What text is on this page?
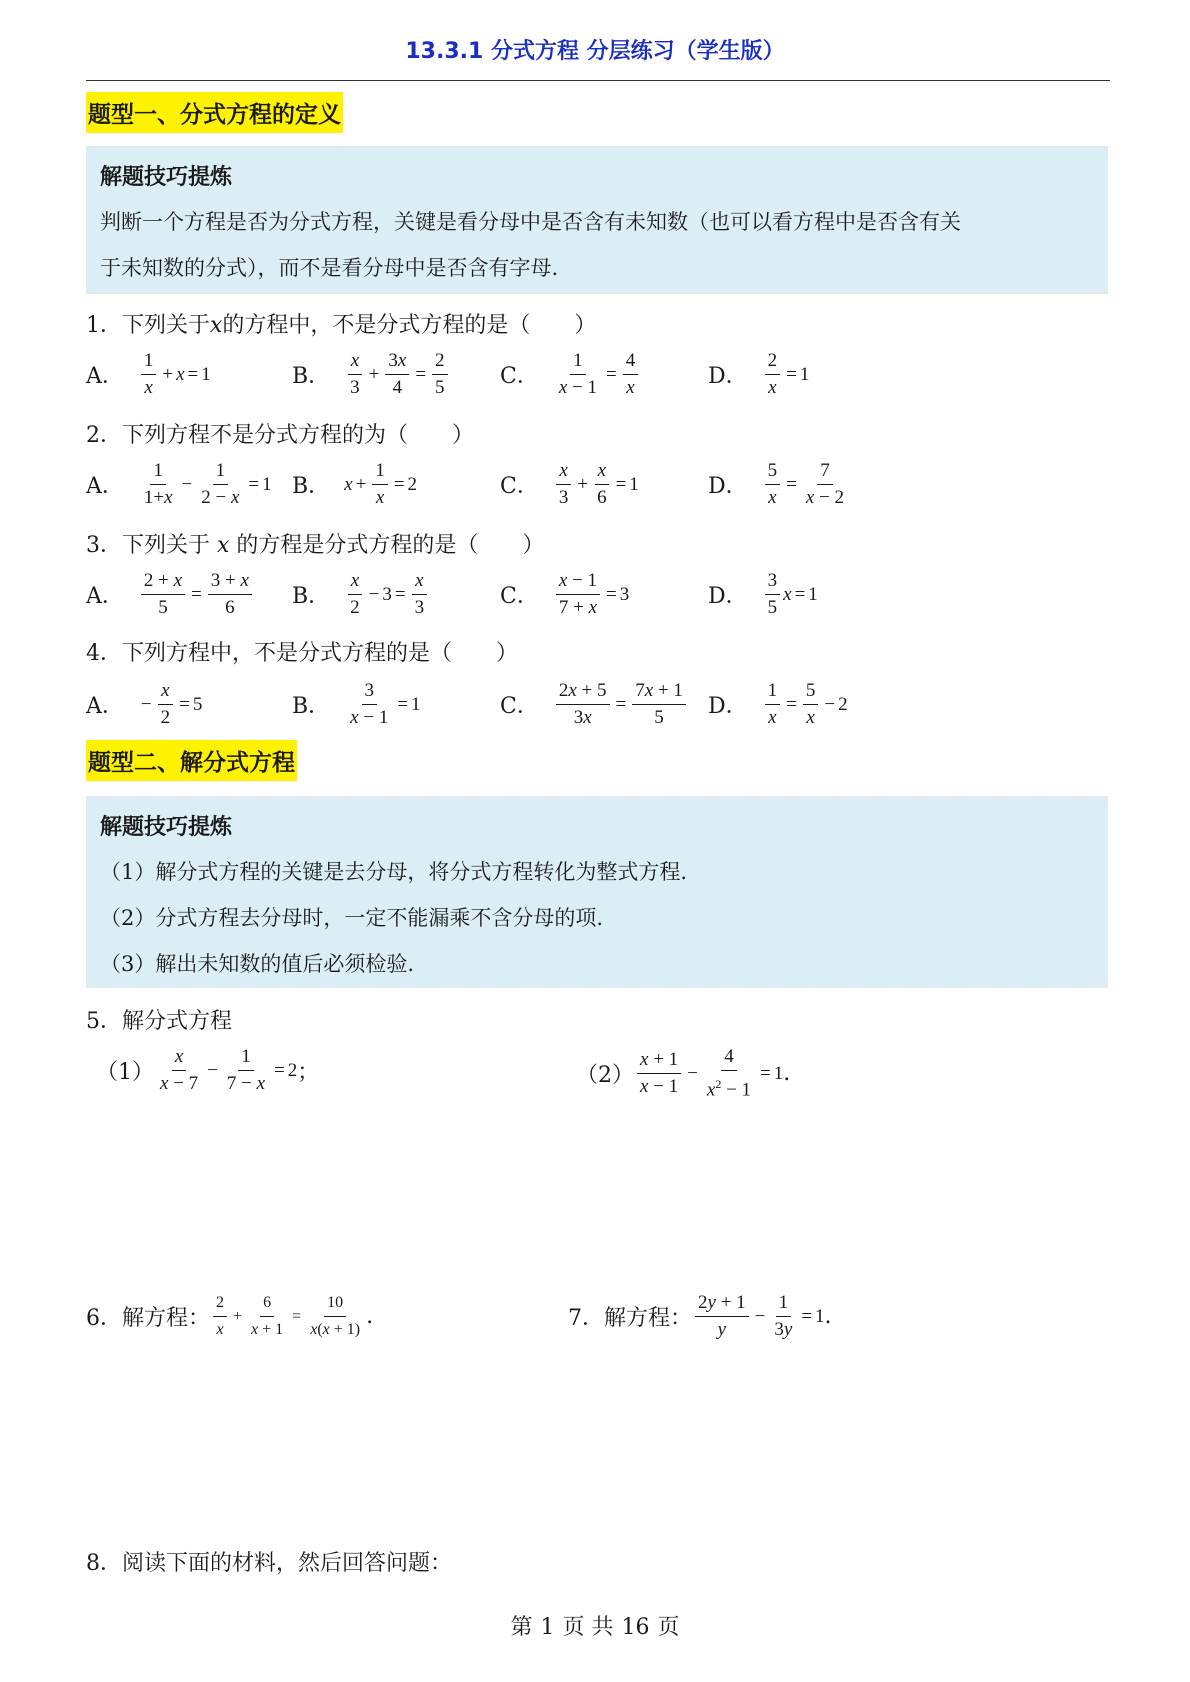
13.3.1 分式方程 分层练习（学生版）
题型一、分式方程的定义
解题技巧提炼
判断一个方程是否为分式方程，关键是看分母中是否含有未知数（也可以看方程中是否含有关
于未知数的分式），而不是看分母中是否含有字母.
1．下列关于x的方程中，不是分式方程的是（　　）
A． $\frac{1}{x} + x = 1$	B． $\frac{x}{3} + \frac{3x}{4} = \frac{2}{5}$ C． $\frac{1}{x - 1} = \frac{4}{x}$	D． $\frac{2}{x} = 1$
2．下列方程不是分式方程的为（　　）
A． $\frac{1}{1+x} - \frac{1}{2 - x} = 1$ B． $x + \frac{1}{x} = 2$	C． $\frac{x}{3} + \frac{x}{6} = 1$	D． $\frac{5}{x} = \frac{7}{x - 2}$
3．下列关于 x 的方程是分式方程的是（　　）
A． $\frac{2 + x}{5} = \frac{3 + x}{6}$ B． $\frac{x}{2} - 3 = \frac{x}{3}$	C． $\frac{x - 1}{7 + x} = 3$	D． $\frac{3}{5}$ x = 1
4．下列方程中，不是分式方程的是（　　）
A． − $\frac{x}{2} = 5$	B． $\frac{3}{x - 1} = 1$	C． $\frac{2x + 5}{3x} = \frac{7x + 1}{5}$ D． $\frac{1}{x} = \frac{5}{x} - 2$
题型二、解分式方程
解题技巧提炼
（1）解分式方程的关键是去分母，将分式方程转化为整式方程.
（2）分式方程去分母时，一定不能漏乘不含分母的项.
（3）解出未知数的值后必须检验.
5．解分式方程
$(1) \frac{x}{x - 7} - \frac{1}{7 - x} = 2$ ；	$(2) \frac{x + 1}{x - 1} - \frac{4}{x^2 - 1} = 1$ .
6．解方程： $\frac{2}{x} + \frac{6}{x + 1} = \frac{10}{x(x + 1)}$ .	7．解方程： $\frac{2y + 1}{y} - \frac{1}{3y} = 1$ .
8．阅读下面的材料，然后回答问题：
第 1 页 共 16 页
